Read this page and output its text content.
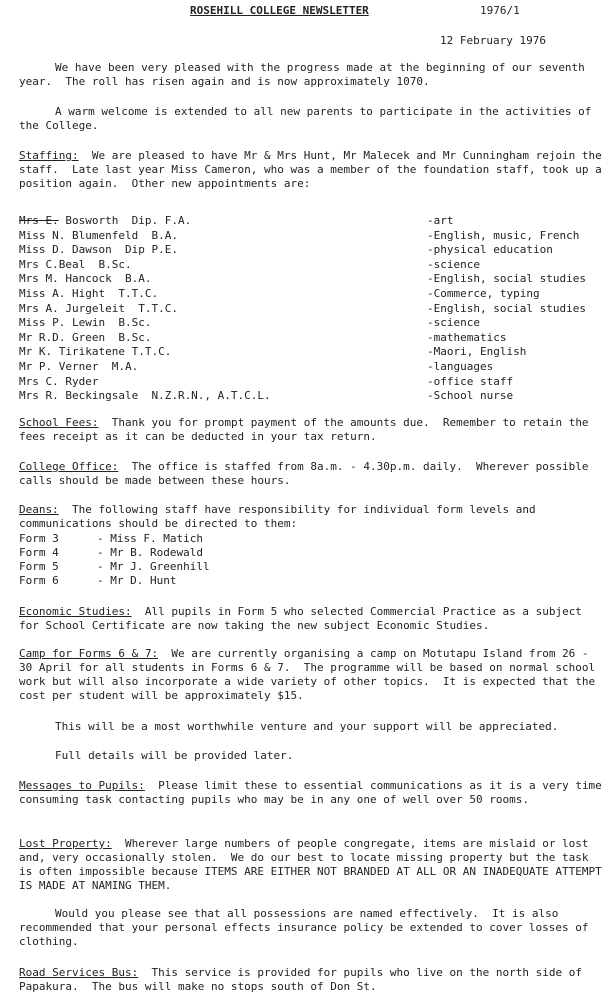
ROSEHILL COLLEGE NEWSLETTER	1976/1
12 February 1976

We have been very pleased with the progress made at the beginning of our seventh year.  The roll has risen again and is now approximately 1070.

A warm welcome is extended to all new parents to participate in the activities of the College.

Staffing: We are pleased to have Mr & Mrs Hunt, Mr Malecek and Mr Cunningham rejoin the staff.  Late last year Miss Cameron, who was a member of the foundation staff, took up a position again.  Other new appointments are:

Mrs E. Bosworth  Dip. F.A.	-art
Miss N. Blumenfeld  B.A.	-English, music, French
Miss D. Dawson  Dip P.E.	-physical education
Mrs C.Beal  B.Sc.	-science
Mrs M. Hancock  B.A.	-English, social studies
Miss A. Hight  T.T.C.	-Commerce, typing
Mrs A. Jurgeleit  T.T.C.	-English, social studies
Miss P. Lewin  B.Sc.	-science
Mr R.D. Green  B.Sc.	-mathematics
Mr K. Tirikatene T.T.C.	-Maori, English
Mr P. Verner  M.A.	-languages
Mrs C. Ryder	-office staff
Mrs R. Beckingsale  N.Z.R.N., A.T.C.L.	-School nurse

School Fees: Thank you for prompt payment of the amounts due.  Remember to retain the fees receipt as it can be deducted in your tax return.

College Office: The office is staffed from 8a.m. - 4.30p.m. daily.  Wherever possible calls should be made between these hours.

Deans: The following staff have responsibility for individual form levels and communications should be directed to them:

Form 3	- Miss F. Matich
Form 4	- Mr B. Rodewald
Form 5	- Mr J. Greenhill
Form 6	- Mr D. Hunt

Economic Studies: All pupils in Form 5 who selected Commercial Practice as a subject for School Certificate are now taking the new subject Economic Studies.

Camp for Forms 6 & 7: We are currently organising a camp on Motutapu Island from 26 - 30 April for all students in Forms 6 & 7.  The programme will be based on normal school work but will also incorporate a wide variety of other topics.  It is expected that the cost per student will be approximately $15.

This will be a most worthwhile venture and your support will be appreciated.

Full details will be provided later.

Messages to Pupils: Please limit these to essential communications as it is a very time consuming task contacting pupils who may be in any one of well over 50 rooms.

Lost Property: Wherever large numbers of people congregate, items are mislaid or lost and, very occasionally stolen.  We do our best to locate missing property but the task is often impossible because ITEMS ARE EITHER NOT BRANDED AT ALL OR AN INADEQUATE ATTEMPT IS MADE AT NAMING THEM.

Would you please see that all possessions are named effectively.  It is also recommended that your personal effects insurance policy be extended to cover losses of clothing.

Road Services Bus: This service is provided for pupils who live on the north side of Papakura.  The bus will make no stops south of Don St.
